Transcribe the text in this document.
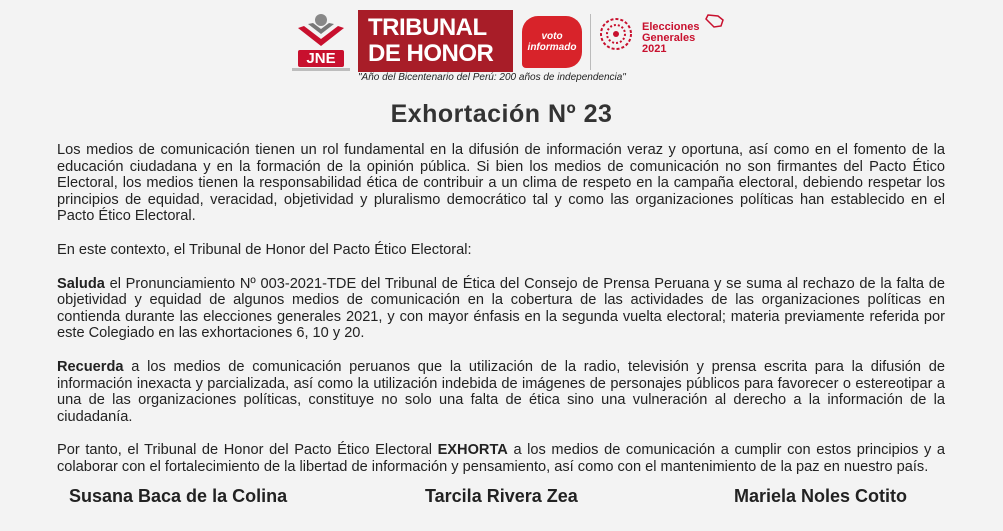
JNE
TRIBUNAL
DE HONOR
voto
informado
Elecciones
Generales
2021
"Año del Bicentenario del Perú: 200 años de independencia"
Exhortación Nº 23

Los medios de comunicación tienen un rol fundamental en la difusión de información veraz y oportuna, así como en el fomento de la educación ciudadana y en la formación de la opinión pública. Si bien los medios de comunicación no son firmantes del Pacto Ético Electoral, los medios tienen la responsabilidad ética de contribuir a un clima de respeto en la campaña electoral, debiendo respetar los principios de equidad, veracidad, objetividad y pluralismo democrático tal y como las organizaciones políticas han establecido en el Pacto Ético Electoral.

En este contexto, el Tribunal de Honor del Pacto Ético Electoral:

Saluda el Pronunciamiento Nº 003-2021-TDE del Tribunal de Ética del Consejo de Prensa Peruana y se suma al rechazo de la falta de objetividad y equidad de algunos medios de comunicación en la cobertura de las actividades de las organizaciones políticas en contienda durante las elecciones generales 2021, y con mayor énfasis en la segunda vuelta electoral; materia previamente referida por este Colegiado en las exhortaciones 6, 10 y 20.

Recuerda a los medios de comunicación peruanos que la utilización de la radio, televisión y prensa escrita para la difusión de información inexacta y parcializada, así como la utilización indebida de imágenes de personajes públicos para favorecer o estereotipar a una de las organizaciones políticas, constituye no solo una falta de ética sino una vulneración al derecho a la información de la ciudadanía.

Por tanto, el Tribunal de Honor del Pacto Ético Electoral EXHORTA a los medios de comunicación a cumplir con estos principios y a colaborar con el fortalecimiento de la libertad de información y pensamiento, así como con el mantenimiento de la paz en nuestro país.

Susana Baca de la Colina	Tarcila Rivera Zea	Mariela Noles Cotito
